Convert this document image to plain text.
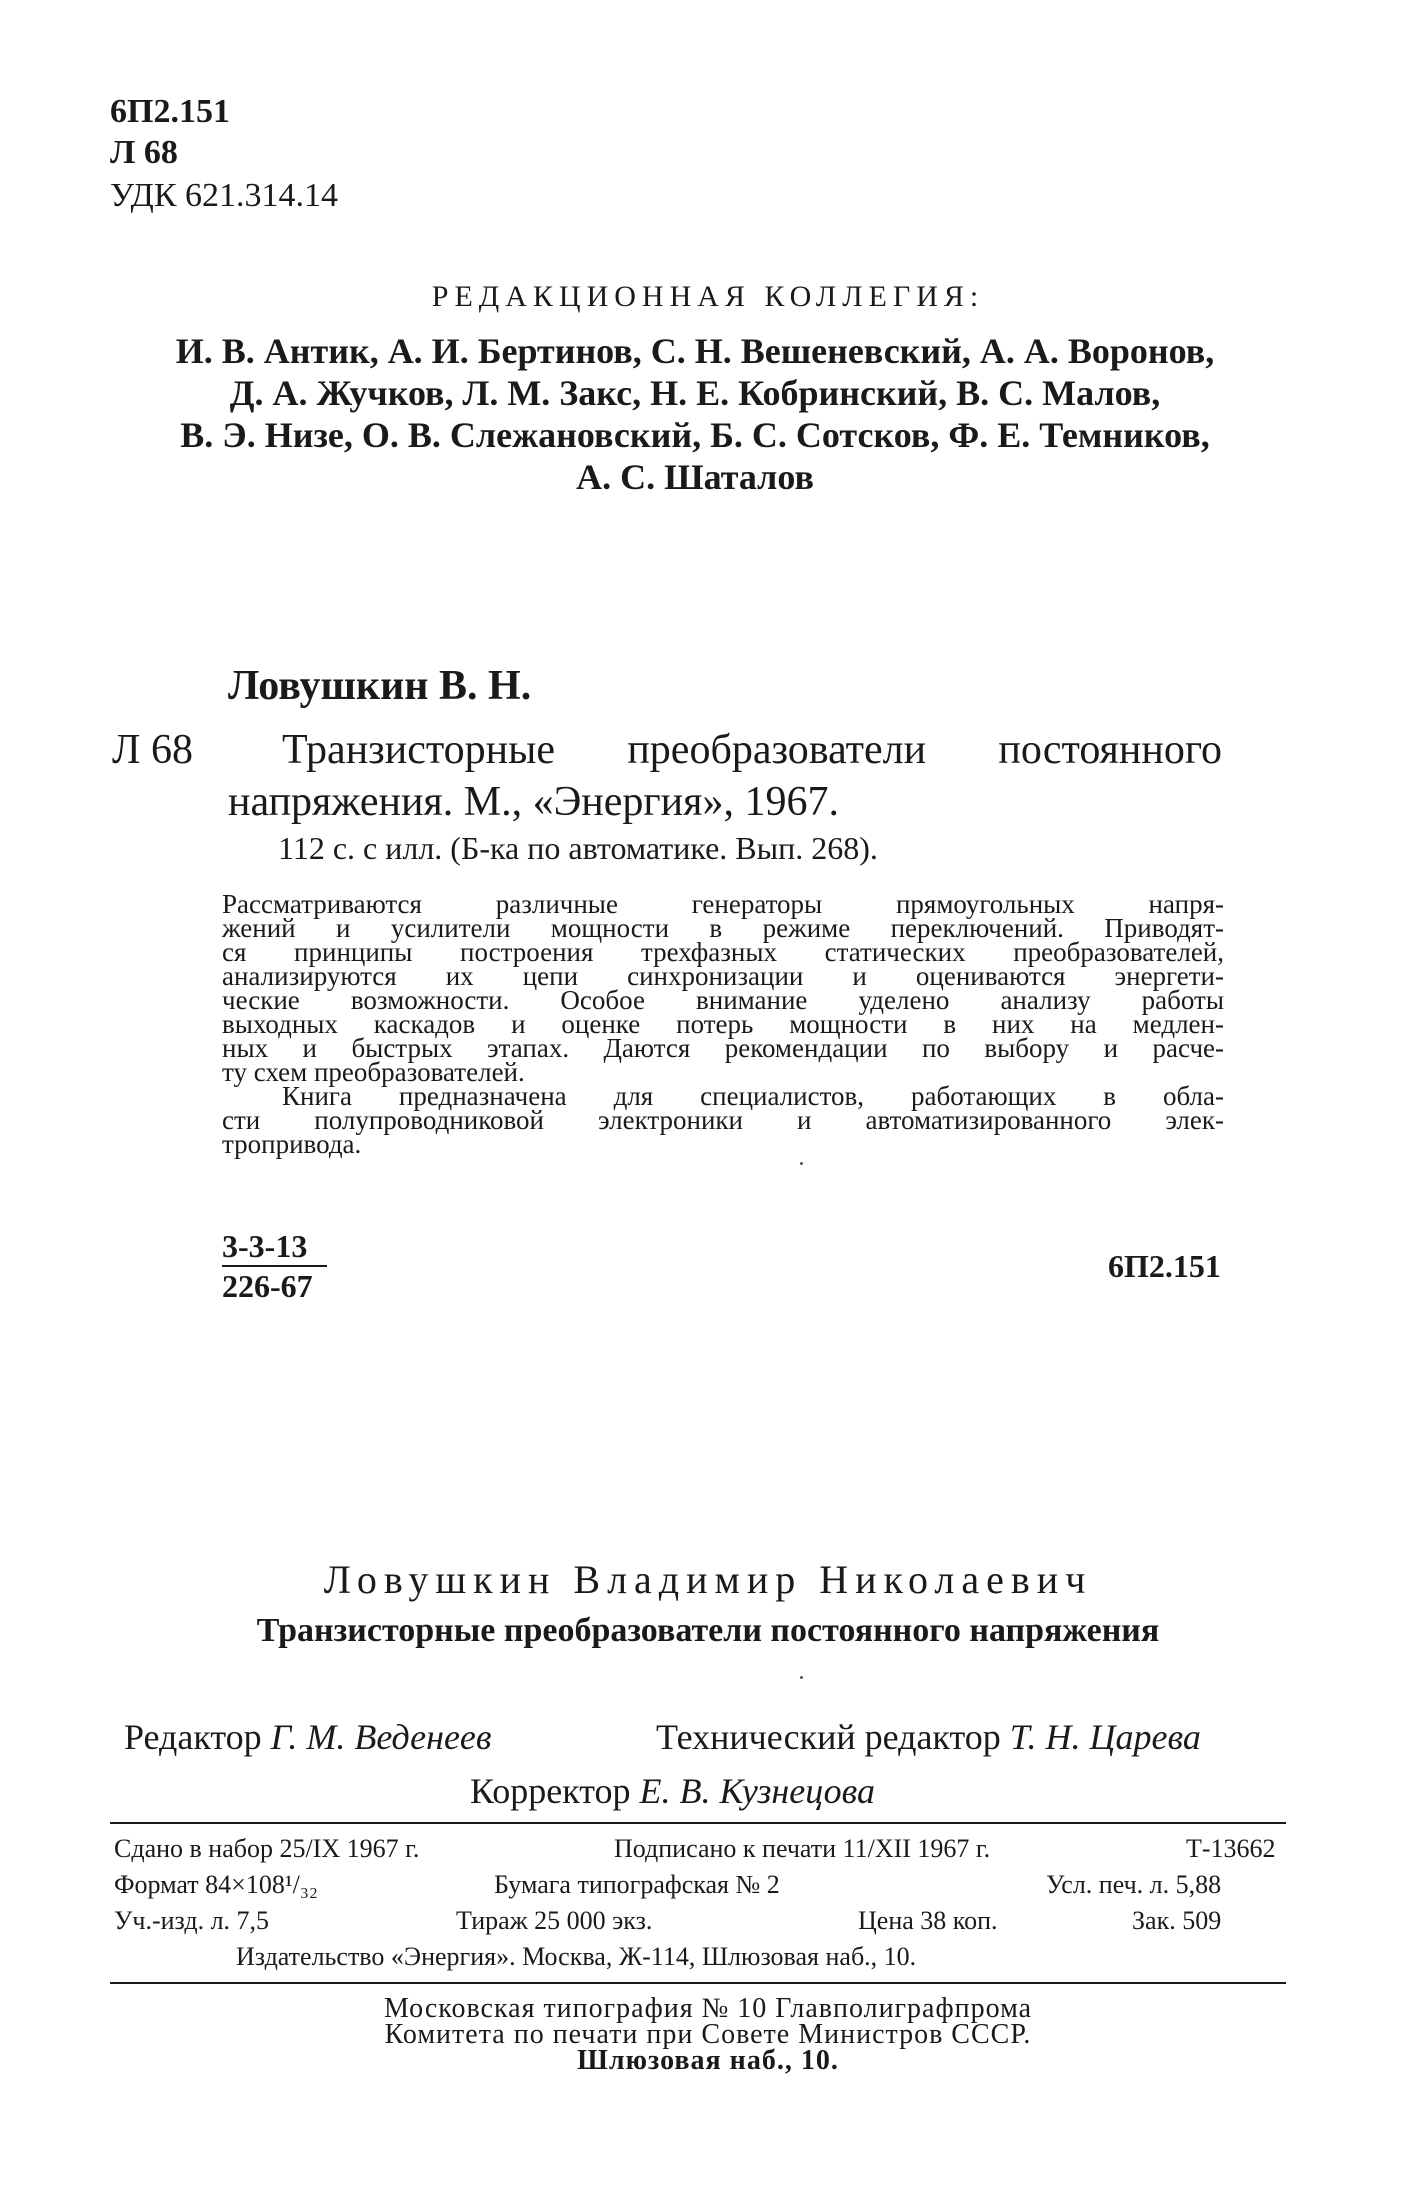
6П2.151
Л 68
УДК 621.314.14
РЕДАКЦИОННАЯ КОЛЛЕГИЯ:
И. В. Антик, А. И. Бертинов, С. Н. Вешеневский, А. А. Воронов,
Д. А. Жучков, Л. М. Закс, Н. Е. Кобринский, В. С. Малов,
В. Э. Низе, О. В. Слежановский, Б. С. Сотсков, Ф. Е. Темников,
А. С. Шаталов
Ловушкин В. Н.
Л 68 Транзисторные преобразователи постоянного
напряжения. М., «Энергия», 1967.
112 с. с илл. (Б-ка по автоматике. Вып. 268).
Рассматриваются различные генераторы прямоугольных напря-
жений и усилители мощности в режиме переключений. Приводят-
ся принципы построения трехфазных статических преобразователей,
анализируются их цепи синхронизации и оцениваются энергети-
ческие возможности. Особое внимание уделено анализу работы
выходных каскадов и оценке потерь мощности в них на медлен-
ных и быстрых этапах. Даются рекомендации по выбору и расче-
ту схем преобразователей.
Книга предназначена для специалистов, работающих в обла-
сти полупроводниковой электроники и автоматизированного элек-
тропривода.
3-3-13
226-67
6П2.151
Ловушкин Владимир Николаевич
Транзисторные преобразователи постоянного напряжения
Редактор Г. М. Веденеев	Технический редактор Т. Н. Царева
Корректор Е. В. Кузнецова
Сдано в набор 25/IX 1967 г.	Подписано к печати 11/XII 1967 г.	Т-13662
Формат 84×108¹/₃₂	Бумага типографская № 2	Усл. печ. л. 5,88
Уч.-изд. л. 7,5	Тираж 25 000 экз.	Цена 38 коп.	Зак. 509
Издательство «Энергия». Москва, Ж-114, Шлюзовая наб., 10.
Московская типография № 10 Главполиграфпрома
Комитета по печати при Совете Министров СССР.
Шлюзовая наб., 10.
